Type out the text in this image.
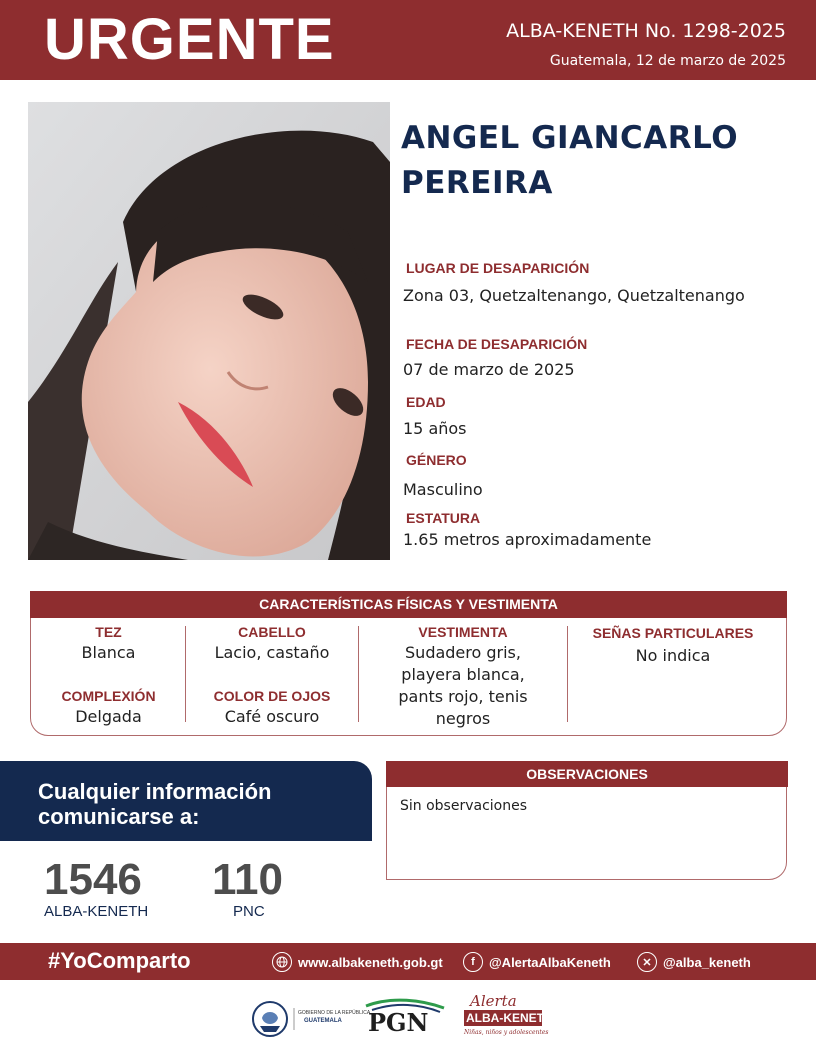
URGENTE	ALBA-KENETH No. 1298-2025
Guatemala, 12 de marzo de 2025
ANGEL GIANCARLO
PEREIRA
LUGAR DE DESAPARICIÓN
Zona 03, Quetzaltenango, Quetzaltenango
FECHA DE DESAPARICIÓN
07 de marzo de 2025
EDAD
15 años
GÉNERO
Masculino
ESTATURA
1.65 metros aproximadamente
CARACTERÍSTICAS FÍSICAS Y VESTIMENTA
TEZ
Blanca
COMPLEXIÓN
Delgada
CABELLO
Lacio, castaño
COLOR DE OJOS
Café oscuro
VESTIMENTA
Sudadero gris,
playera blanca,
pants rojo, tenis
negros
SEÑAS PARTICULARES
No indica
Cualquier información
comunicarse a:
1546
ALBA-KENETH
110
PNC
OBSERVACIONES
Sin observaciones
#YoComparto	www.albakeneth.gob.gt	f	@AlertaAlbaKeneth	✕ @alba_keneth
GOBIERNO DE LA REPÚBLICA
GUATEMALA PGN
Alerta
ALBA-KENETH
Niñas, niños y adolescentes
